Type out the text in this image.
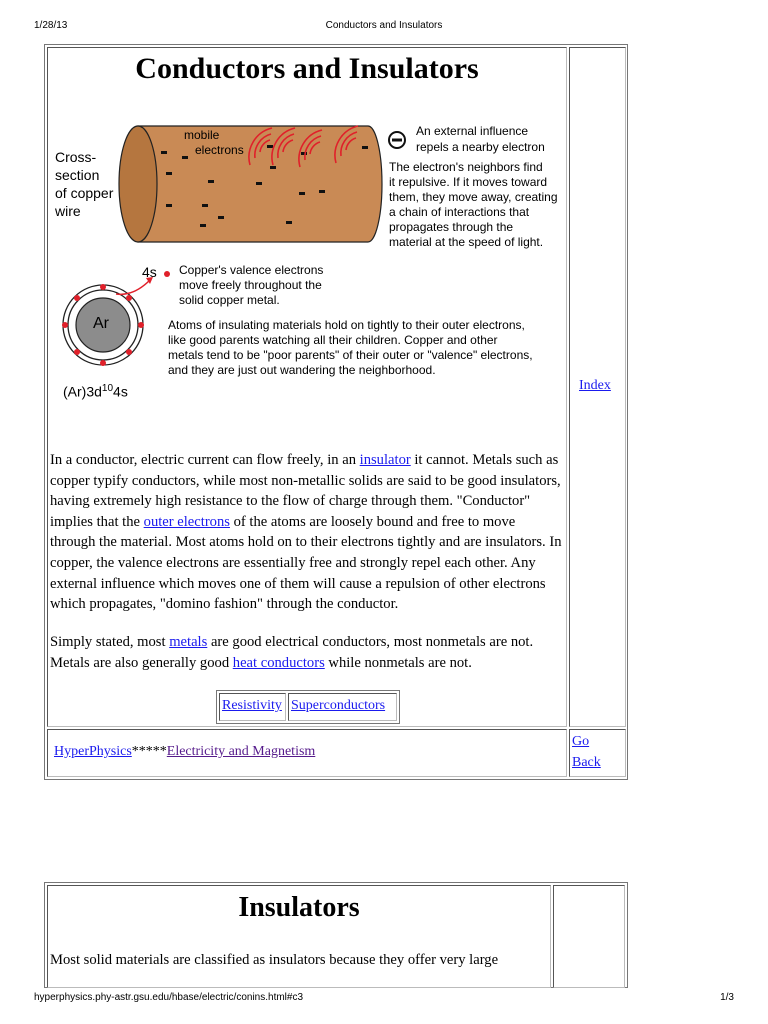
1/28/13	Conductors and Insulators
Conductors and Insulators
mobile
electrons
Cross-
section
of copper
wire
An external influence
repels a nearby electron
The electron's neighbors find
it repulsive. If it moves toward
them, they move away, creating
a chain of interactions that
propagates through the
material at the speed of light.
4s Copper's valence electrons
move freely throughout the
solid copper metal.
Atoms of insulating materials hold on tightly to their outer electrons,
like good parents watching all their children. Copper and other
metals tend to be "poor parents" of their outer or "valence" electrons,
and they are just out wandering the neighborhood.
Ar
$(Ar)3d^{10}4s$	Index

In a conductor, electric current can flow freely, in an insulator it cannot. Metals such as copper typify conductors, while most non-metallic solids are said to be good insulators, having extremely high resistance to the flow of charge through them. "Conductor" implies that the outer electrons of the atoms are loosely bound and free to move through the material. Most atoms hold on to their electrons tightly and are insulators. In copper, the valence electrons are essentially free and strongly repel each other. Any external influence which moves one of them will cause a repulsion of other electrons which propagates, "domino fashion" through the conductor.

Simply stated, most metals are good electrical conductors, most nonmetals are not. Metals are also generally good heat conductors while nonmetals are not.

Resistivity Superconductors
HyperPhysics*****Electricity and Magnetism
Go
Back
Insulators

Most solid materials are classified as insulators because they offer very large

hyperphysics.phy-astr.gsu.edu/hbase/electric/conins.html#c3	1/3
